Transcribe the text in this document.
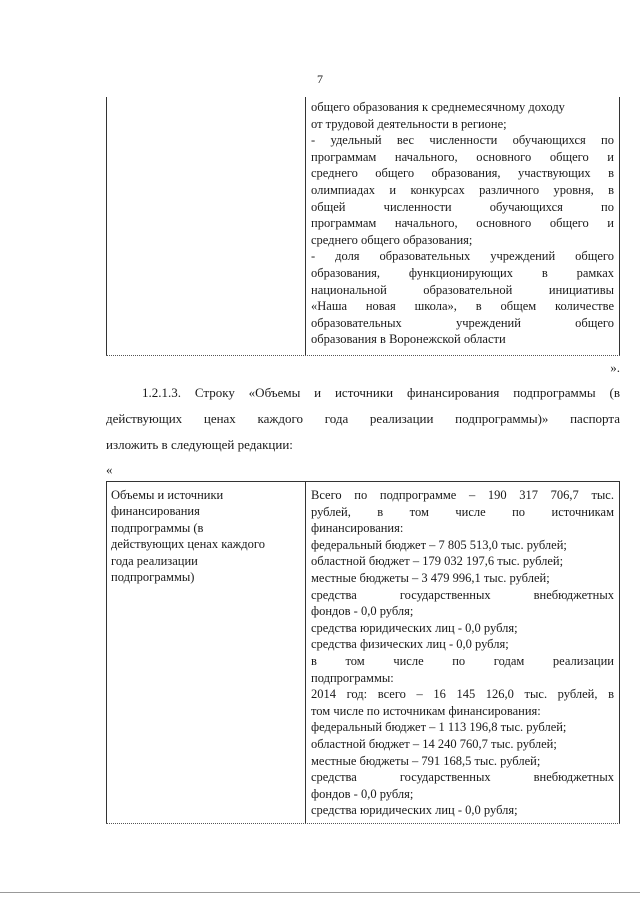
7
общего образования к среднемесячному доходу
от трудовой деятельности в регионе;
- удельный вес численности обучающихся по
программам начального, основного общего и
среднего общего образования, участвующих в
олимпиадах и конкурсах различного уровня, в
общей численности обучающихся по
программам начального, основного общего и
среднего общего образования;
- доля образовательных учреждений общего
образования, функционирующих в рамках
национальной образовательной инициативы
«Наша новая школа», в общем количестве
образовательных учреждений общего
образования в Воронежской области
».
1.2.1.3. Строку «Объемы и источники финансирования подпрограммы (в
действующих ценах каждого года реализации подпрограммы)» паспорта
изложить в следующей редакции:
«
Объемы и источники
финансирования
подпрограммы (в
действующих ценах каждого
года реализации
подпрограммы)
Всего по подпрограмме – 190 317 706,7 тыс.
рублей, в том числе по источникам
финансирования:
федеральный бюджет – 7 805 513,0 тыс. рублей;
областной бюджет – 179 032 197,6 тыс. рублей;
местные бюджеты – 3 479 996,1 тыс. рублей;
средства государственных внебюджетных
фондов - 0,0 рубля;
средства юридических лиц - 0,0 рубля;
средства физических лиц - 0,0 рубля;
в том числе по годам реализации
подпрограммы:
2014 год: всего – 16 145 126,0 тыс. рублей, в
том числе по источникам финансирования:
федеральный бюджет – 1 113 196,8 тыс. рублей;
областной бюджет – 14 240 760,7 тыс. рублей;
местные бюджеты – 791 168,5 тыс. рублей;
средства государственных внебюджетных
фондов - 0,0 рубля;
средства юридических лиц - 0,0 рубля;
